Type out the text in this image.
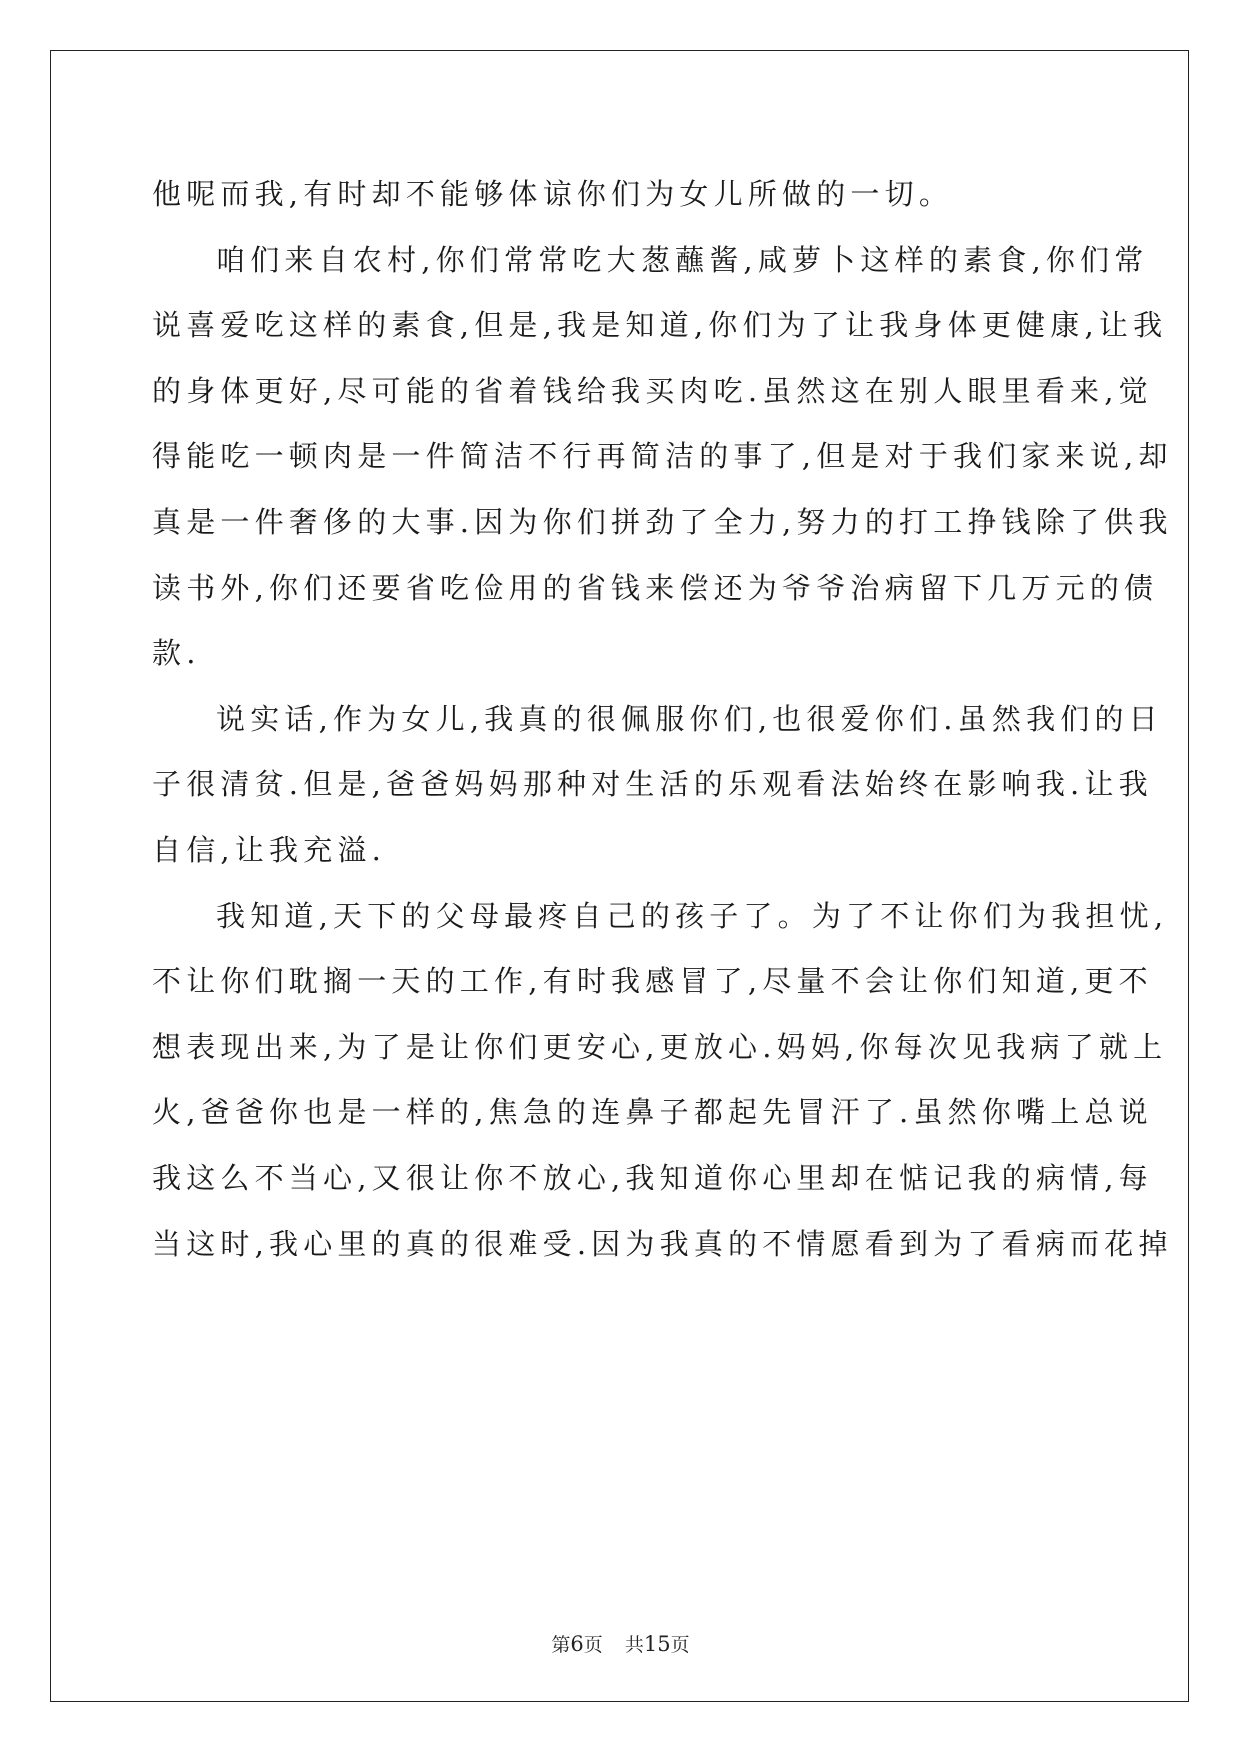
他呢而我,有时却不能够体谅你们为女儿所做的一切。
咱们来自农村,你们常常吃大葱蘸酱,咸萝卜这样的素食,你们常
说喜爱吃这样的素食,但是,我是知道,你们为了让我身体更健康,让我
的身体更好,尽可能的省着钱给我买肉吃.虽然这在别人眼里看来,觉
得能吃一顿肉是一件简洁不行再简洁的事了,但是对于我们家来说,却
真是一件奢侈的大事.因为你们拼劲了全力,努力的打工挣钱除了供我
读书外,你们还要省吃俭用的省钱来偿还为爷爷治病留下几万元的债
款.
说实话,作为女儿,我真的很佩服你们,也很爱你们.虽然我们的日
子很清贫.但是,爸爸妈妈那种对生活的乐观看法始终在影响我.让我
自信,让我充溢.
我知道,天下的父母最疼自己的孩子了。为了不让你们为我担忧,
不让你们耽搁一天的工作,有时我感冒了,尽量不会让你们知道,更不
想表现出来,为了是让你们更安心,更放心.妈妈,你每次见我病了就上
火,爸爸你也是一样的,焦急的连鼻子都起先冒汗了.虽然你嘴上总说
我这么不当心,又很让你不放心,我知道你心里却在惦记我的病情,每
当这时,我心里的真的很难受.因为我真的不情愿看到为了看病而花掉
第6页 共15页
